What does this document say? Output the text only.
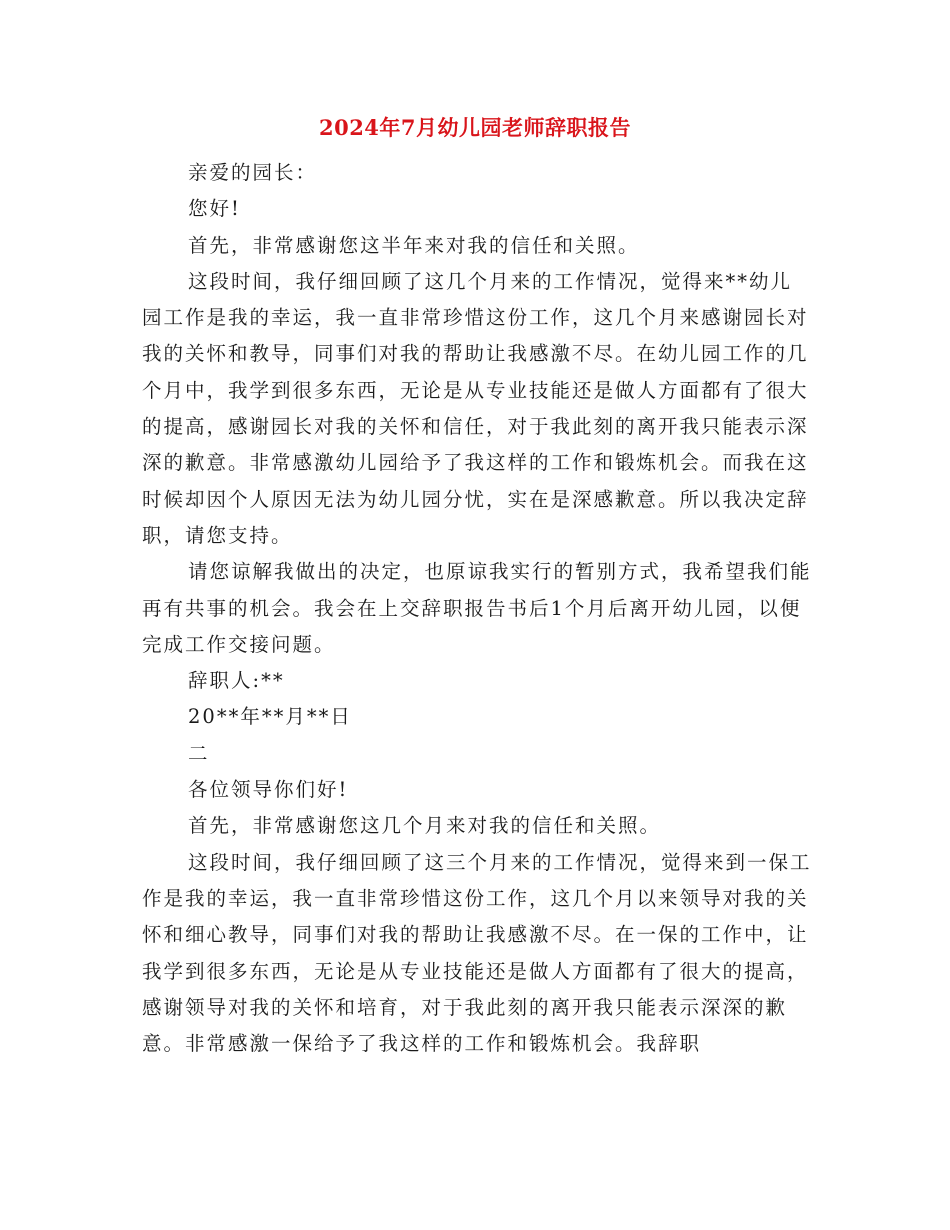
2024年7月幼儿园老师辞职报告

亲爱的园长：

您好!

首先，非常感谢您这半年来对我的信任和关照。

这段时间，我仔细回顾了这几个月来的工作情况，觉得来**幼儿园工作是我的幸运，我一直非常珍惜这份工作，这几个月来感谢园长对我的关怀和教导，同事们对我的帮助让我感激不尽。在幼儿园工作的几个月中，我学到很多东西，无论是从专业技能还是做人方面都有了很大的提高，感谢园长对我的关怀和信任，对于我此刻的离开我只能表示深深的歉意。非常感激幼儿园给予了我这样的工作和锻炼机会。而我在这时候却因个人原因无法为幼儿园分忧，实在是深感歉意。所以我决定辞职，请您支持。

请您谅解我做出的决定，也原谅我实行的暂别方式，我希望我们能再有共事的机会。我会在上交辞职报告书后1个月后离开幼儿园，以便完成工作交接问题。

辞职人:**

20**年**月**日

二

各位领导你们好!

首先，非常感谢您这几个月来对我的信任和关照。

这段时间，我仔细回顾了这三个月来的工作情况，觉得来到一保工作是我的幸运，我一直非常珍惜这份工作，这几个月以来领导对我的关怀和细心教导，同事们对我的帮助让我感激不尽。在一保的工作中，让我学到很多东西，无论是从专业技能还是做人方面都有了很大的提高，感谢领导对我的关怀和培育，对于我此刻的离开我只能表示深深的歉意。非常感激一保给予了我这样的工作和锻炼机会。我辞职
